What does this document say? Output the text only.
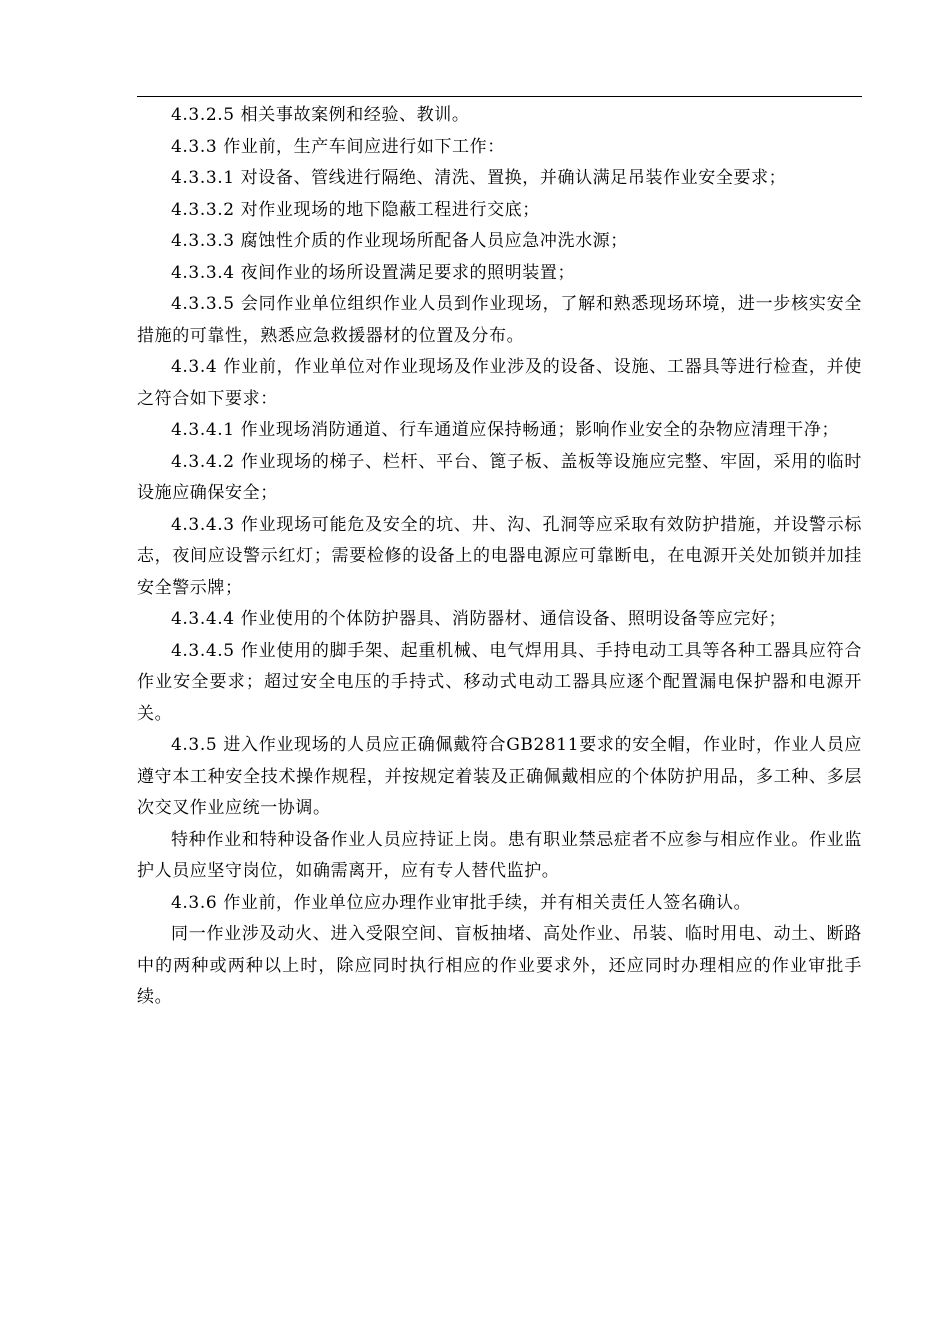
4.3.2.5 相关事故案例和经验、教训。

4.3.3 作业前，生产车间应进行如下工作：

4.3.3.1 对设备、管线进行隔绝、清洗、置换，并确认满足吊装作业安全要求；

4.3.3.2 对作业现场的地下隐蔽工程进行交底；

4.3.3.3 腐蚀性介质的作业现场所配备人员应急冲洗水源；

4.3.3.4 夜间作业的场所设置满足要求的照明装置；

4.3.3.5 会同作业单位组织作业人员到作业现场，了解和熟悉现场环境，进一步核实安全措施的可靠性，熟悉应急救援器材的位置及分布。

4.3.4 作业前，作业单位对作业现场及作业涉及的设备、设施、工器具等进行检查，并使之符合如下要求：

4.3.4.1 作业现场消防通道、行车通道应保持畅通；影响作业安全的杂物应清理干净；

4.3.4.2 作业现场的梯子、栏杆、平台、篦子板、盖板等设施应完整、牢固，采用的临时设施应确保安全；

4.3.4.3 作业现场可能危及安全的坑、井、沟、孔洞等应采取有效防护措施，并设警示标志，夜间应设警示红灯；需要检修的设备上的电器电源应可靠断电，在电源开关处加锁并加挂安全警示牌；

4.3.4.4 作业使用的个体防护器具、消防器材、通信设备、照明设备等应完好；

4.3.4.5 作业使用的脚手架、起重机械、电气焊用具、手持电动工具等各种工器具应符合作业安全要求；超过安全电压的手持式、移动式电动工器具应逐个配置漏电保护器和电源开关。

4.3.5 进入作业现场的人员应正确佩戴符合GB2811要求的安全帽，作业时，作业人员应遵守本工种安全技术操作规程，并按规定着装及正确佩戴相应的个体防护用品，多工种、多层次交叉作业应统一协调。

特种作业和特种设备作业人员应持证上岗。患有职业禁忌症者不应参与相应作业。作业监护人员应坚守岗位，如确需离开，应有专人替代监护。

4.3.6 作业前，作业单位应办理作业审批手续，并有相关责任人签名确认。

同一作业涉及动火、进入受限空间、盲板抽堵、高处作业、吊装、临时用电、动土、断路中的两种或两种以上时，除应同时执行相应的作业要求外，还应同时办理相应的作业审批手续。
